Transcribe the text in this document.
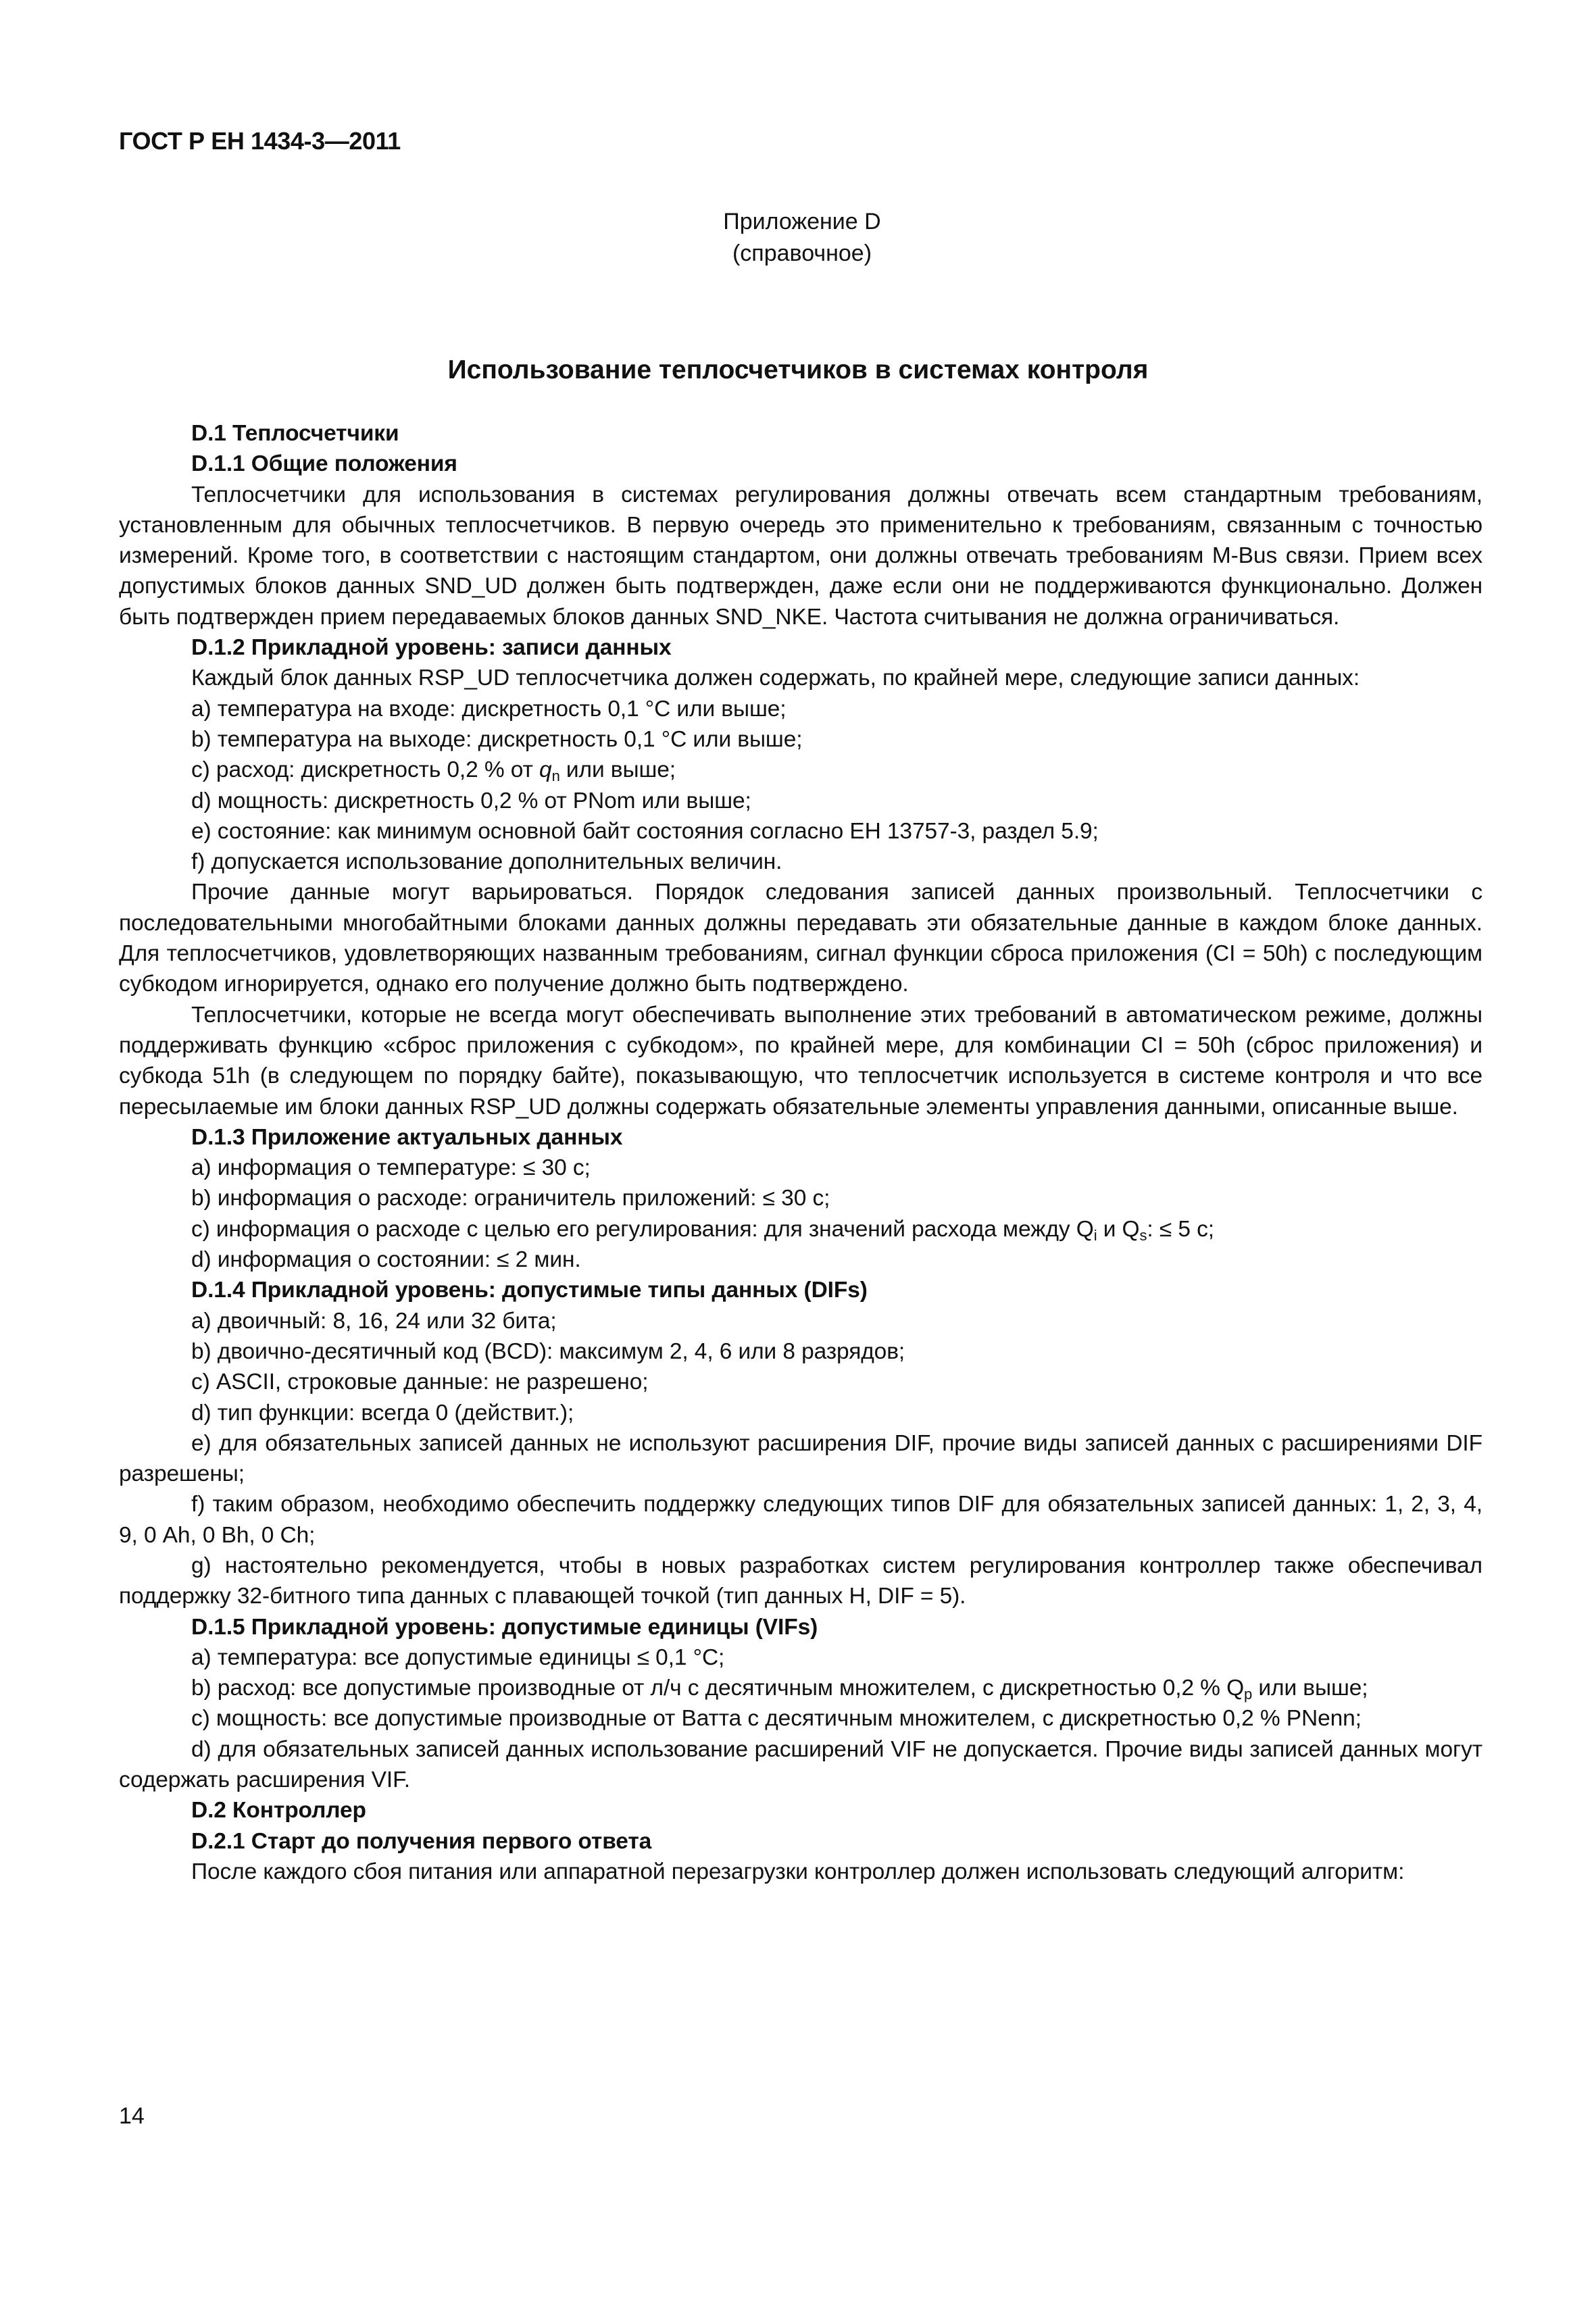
ГОСТ Р ЕН 1434-3—2011
Приложение D
(справочное)
Использование теплосчетчиков в системах контроля

D.1 Теплосчетчики

D.1.1 Общие положения

Теплосчетчики для использования в системах регулирования должны отвечать всем стандартным требованиям, установленным для обычных теплосчетчиков. В первую очередь это применительно к требованиям, связанным с точностью измерений. Кроме того, в соответствии с настоящим стандартом, они должны отвечать требованиям M-Bus связи. Прием всех допустимых блоков данных SND_UD должен быть подтвержден, даже если они не поддерживаются функционально. Должен быть подтвержден прием передаваемых блоков данных SND_NKE. Частота считывания не должна ограничиваться.

D.1.2 Прикладной уровень: записи данных

Каждый блок данных RSP_UD теплосчетчика должен содержать, по крайней мере, следующие записи данных:

а) температура на входе: дискретность 0,1 °С или выше;

b) температура на выходе: дискретность 0,1 °С или выше;

с) расход: дискретность 0,2 % от $q_n$ или выше;

d) мощность: дискретность 0,2 % от PNom или выше;

е) состояние: как минимум основной байт состояния согласно ЕН 13757-3, раздел 5.9;

f) допускается использование дополнительных величин.

Прочие данные могут варьироваться. Порядок следования записей данных произвольный. Теплосчетчики с последовательными многобайтными блоками данных должны передавать эти обязательные данные в каждом блоке данных. Для теплосчетчиков, удовлетворяющих названным требованиям, сигнал функции сброса приложения (CI = 50h) с последующим субкодом игнорируется, однако его получение должно быть подтверждено.

Теплосчетчики, которые не всегда могут обеспечивать выполнение этих требований в автоматическом режиме, должны поддерживать функцию «сброс приложения с субкодом», по крайней мере, для комбинации CI = 50h (сброс приложения) и субкода 51h (в следующем по порядку байте), показывающую, что теплосчетчик используется в системе контроля и что все пересылаемые им блоки данных RSP_UD должны содержать обязательные элементы управления данными, описанные выше.

D.1.3 Приложение актуальных данных

а) информация о температуре: ≤ 30 с;

b) информация о расходе: ограничитель приложений: ≤ 30 с;

с) информация о расходе с целью его регулирования: для значений расхода между $Q_i$ и $Q_s$: ≤ 5 с;

d) информация о состоянии: ≤ 2 мин.

D.1.4 Прикладной уровень: допустимые типы данных (DIFs)

а) двоичный: 8, 16, 24 или 32 бита;

b) двоично-десятичный код (BCD): максимум 2, 4, 6 или 8 разрядов;

с) ASCII, строковые данные: не разрешено;

d) тип функции: всегда 0 (действит.);

е) для обязательных записей данных не используют расширения DIF, прочие виды записей данных с расширениями DIF разрешены;

f) таким образом, необходимо обеспечить поддержку следующих типов DIF для обязательных записей данных: 1, 2, 3, 4, 9, 0 Ah, 0 Bh, 0 Ch;

g) настоятельно рекомендуется, чтобы в новых разработках систем регулирования контроллер также обеспечивал поддержку 32-битного типа данных с плавающей точкой (тип данных H, DIF = 5).

D.1.5 Прикладной уровень: допустимые единицы (VIFs)

а) температура: все допустимые единицы ≤ 0,1 °С;

b) расход: все допустимые производные от л/ч с десятичным множителем, с дискретностью 0,2 % $Q_p$ или выше;

с) мощность: все допустимые производные от Ватта с десятичным множителем, с дискретностью 0,2 % PNenn;

d) для обязательных записей данных использование расширений VIF не допускается. Прочие виды записей данных могут содержать расширения VIF.

D.2 Контроллер

D.2.1 Старт до получения первого ответа

После каждого сбоя питания или аппаратной перезагрузки контроллер должен использовать следующий алгоритм:

14
